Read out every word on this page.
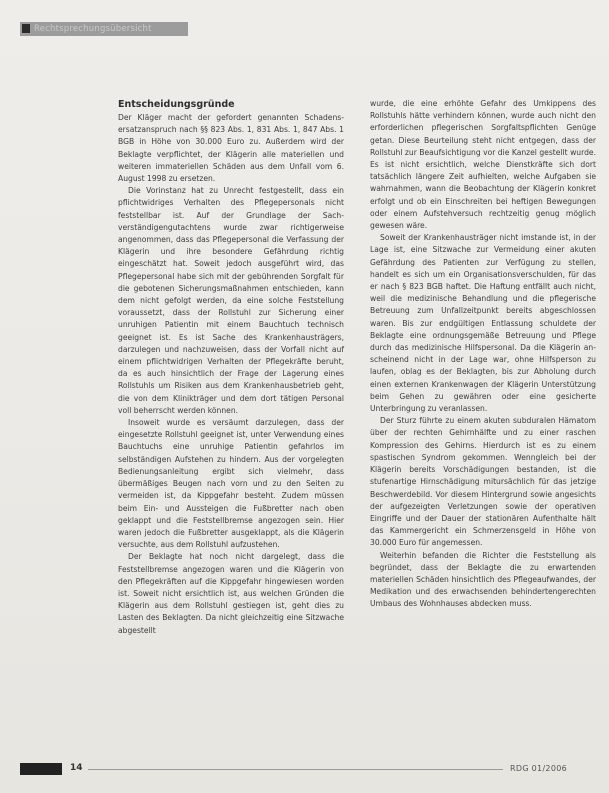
Rechtsprechungsübersicht
Entscheidungsgründe

Der Kläger macht der gefordert genannten Schadensersatzanspruch nach §§ 823 Abs. 1, 831 Abs. 1, 847 Abs. 1 BGB in Höhe von 30.000 Euro zu. Außerdem wird der Beklagte verpflichtet, der Klägerin alle materiellen und weiteren immateriellen Schäden aus dem Unfall vom 6. August 1998 zu ersetzen.

Die Vorinstanz hat zu Unrecht festgestellt, dass ein pflichtwidriges Verhalten des Pflegepersonals nicht feststellbar ist. Auf der Grundlage der Sachverständigengutachtens wurde zwar richtigerweise angenommen, dass das Pflegepersonal die Verfassung der Klägerin und ihre besondere Gefährdung richtig eingeschätzt hat. Soweit jedoch ausgeführt wird, das Pflegepersonal habe sich mit der gebührenden Sorgfalt für die gebotenen Sicherungsmaßnahmen entschieden, kann dem nicht gefolgt werden, da eine solche Feststellung voraussetzt, dass der Rollstuhl zur Sicherung einer unruhigen Patientin mit einem Bauchtuch technisch geeignet ist. Es ist Sache des Krankenhausträgers, darzulegen und nachzuweisen, dass der Vorfall nicht auf einem pflichtwidrigen Verhalten der Pflegekräfte beruht, da es auch hinsichtlich der Frage der Lagerung eines Rollstuhls um Risiken aus dem Krankenhausbetrieb geht, die von dem Klinikträger und dem dort tätigen Personal voll beherrscht werden können.

Insoweit wurde es versäumt darzulegen, dass der eingesetzte Rollstuhl geeignet ist, unter Verwendung eines Bauchtuchs eine unruhige Patientin gefahrlos im selbständigen Aufstehen zu hindern. Aus der vorgelegten Bedienungsanleitung ergibt sich vielmehr, dass übermäßiges Beugen nach vorn und zu den Seiten zu vermeiden ist, da Kippgefahr besteht. Zudem müssen beim Ein- und Aussteigen die Fußbretter nach oben geklappt und die Feststellbremse angezogen sein. Hier waren jedoch die Fußbretter ausgeklappt, als die Klägerin versuchte, aus dem Rollstuhl aufzustehen.

Der Beklagte hat noch nicht dargelegt, dass die Feststellbremse angezogen waren und die Klägerin von den Pflegekräften auf die Kippgefahr hingewiesen worden ist. Soweit nicht ersichtlich ist, aus welchen Gründen die Klägerin aus dem Rollstuhl gestiegen ist, geht dies zu Lasten des Beklagten. Da nicht gleichzeitig eine Sitzwache abgestellt

wurde, die eine erhöhte Gefahr des Umkippens des Rollstuhls hätte verhindern können, wurde auch nicht den erforderlichen pflegerischen Sorgfaltspflichten Genüge getan. Diese Beurteilung steht nicht entgegen, dass der Rollstuhl zur Beaufsichtigung vor die Kanzel gestellt wurde. Es ist nicht ersichtlich, welche Dienstkräfte sich dort tatsächlich längere Zeit aufhielten, welche Aufgaben sie wahrnahmen, wann die Beobachtung der Klägerin konkret erfolgt und ob ein Einschreiten bei heftigen Bewegungen oder einem Aufstehversuch rechtzeitig genug möglich gewesen wäre.

Soweit der Krankenhausträger nicht imstande ist, in der Lage ist, eine Sitzwache zur Vermeidung einer akuten Gefährdung des Patienten zur Verfügung zu stellen, handelt es sich um ein Organisationsverschulden, für das er nach § 823 BGB haftet. Die Haftung entfällt auch nicht, weil die medizinische Behandlung und die pflegerische Betreuung zum Unfallzeitpunkt bereits abgeschlossen waren. Bis zur endgültigen Entlassung schuldete der Beklagte eine ordnungsgemäße Betreuung und Pflege durch das medizinische Hilfspersonal. Da die Klägerin anscheinend nicht in der Lage war, ohne Hilfsperson zu laufen, oblag es der Beklagten, bis zur Abholung durch einen externen Krankenwagen der Klägerin Unterstützung beim Gehen zu gewähren oder eine gesicherte Unterbringung zu veranlassen.

Der Sturz führte zu einem akuten subduralen Hämatom über der rechten Gehirnhälfte und zu einer raschen Kompression des Gehirns. Hierdurch ist es zu einem spastischen Syndrom gekommen. Wenngleich bei der Klägerin bereits Vorschädigungen bestanden, ist die stufenartige Hirnschädigung mitursächlich für das jetzige Beschwerdebild. Vor diesem Hintergrund sowie angesichts der aufgezeigten Verletzungen sowie der operativen Eingriffe und der Dauer der stationären Aufenthalte hält das Kammergericht ein Schmerzensgeld in Höhe von 30.000 Euro für angemessen.

Weiterhin befanden die Richter die Feststellung als begründet, dass der Beklagte die zu erwartenden materiellen Schäden hinsichtlich des Pflegeaufwandes, der Medikation und des erwachsenden behindertengerechten Umbaus des Wohnhauses abdecken muss.

14	RDG 01/2006
